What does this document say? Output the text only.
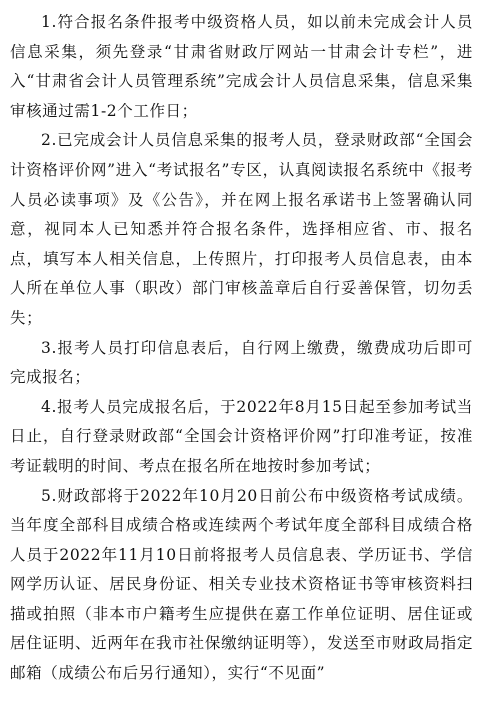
1.符合报名条件报考中级资格人员，如以前未完成会计人员信息采集，须先登录“甘肃省财政厅网站一甘肃会计专栏”，进入“甘肃省会计人员管理系统”完成会计人员信息采集，信息采集审核通过需1-2个工作日；

2.已完成会计人员信息采集的报考人员，登录财政部“全国会计资格评价网”进入“考试报名”专区，认真阅读报名系统中《报考人员必读事项》及《公告》，并在网上报名承诺书上签署确认同意，视同本人已知悉并符合报名条件，选择相应省、市、报名点，填写本人相关信息，上传照片，打印报考人员信息表，由本人所在单位人事（职改）部门审核盖章后自行妥善保管，切勿丢失；

3.报考人员打印信息表后，自行网上缴费，缴费成功后即可完成报名；

4.报考人员完成报名后，于2022年8月15日起至参加考试当日止，自行登录财政部“全国会计资格评价网”打印准考证，按准考证载明的时间、考点在报名所在地按时参加考试；

5.财政部将于2022年10月20日前公布中级资格考试成绩。当年度全部科目成绩合格或连续两个考试年度全部科目成绩合格人员于2022年11月10日前将报考人员信息表、学历证书、学信网学历认证、居民身份证、相关专业技术资格证书等审核资料扫描或拍照（非本市户籍考生应提供在嘉工作单位证明、居住证或居住证明、近两年在我市社保缴纳证明等），发送至市财政局指定邮箱（成绩公布后另行通知），实行“不见面”
